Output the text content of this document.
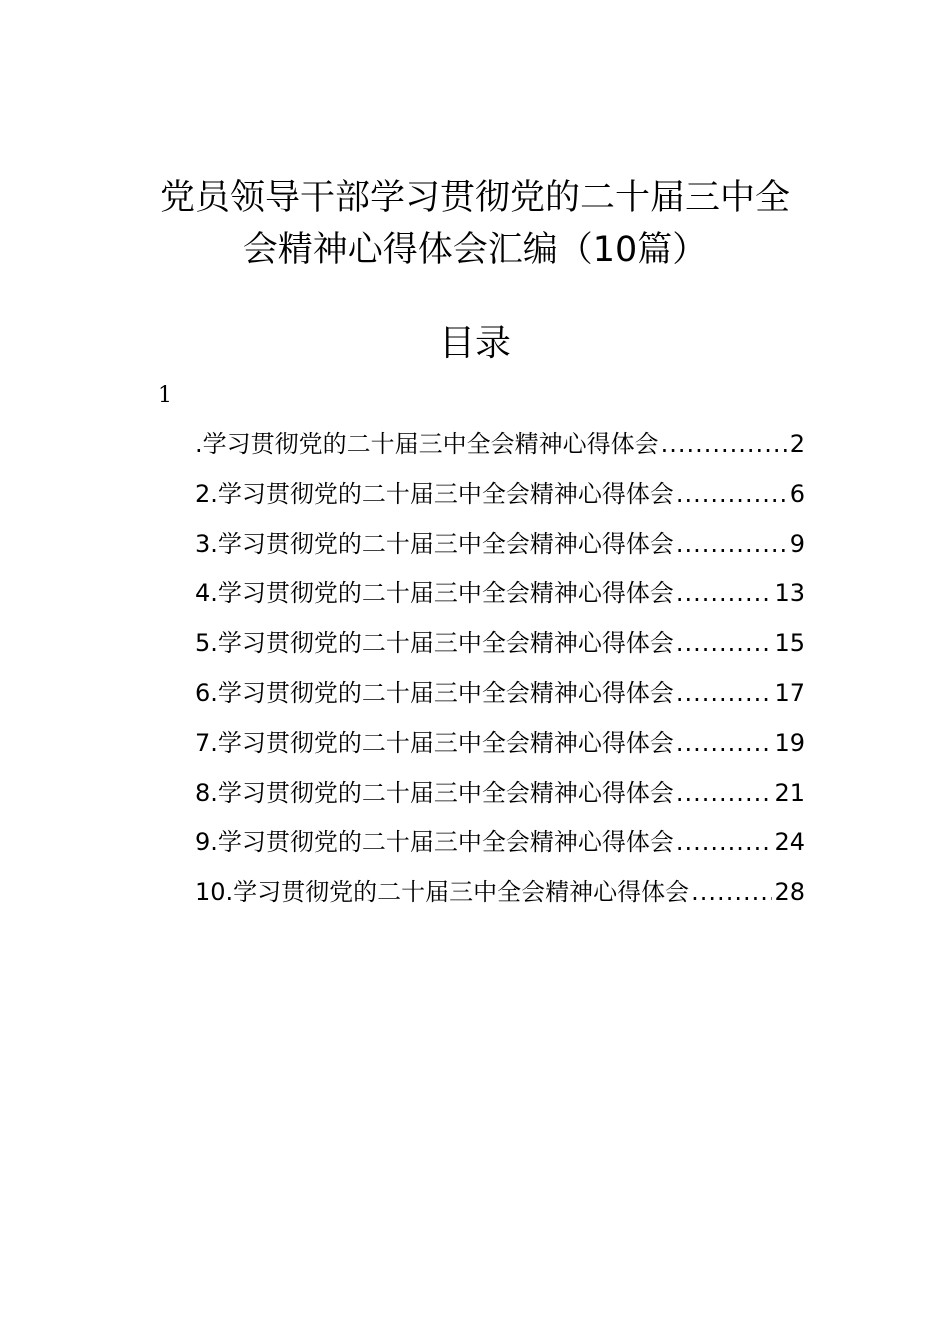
党员领导干部学习贯彻党的二十届三中全
会精神心得体会汇编（10篇）
目录
1
.学习贯彻党的二十届三中全会精神心得体会 .....	2
2.学习贯彻党的二十届三中全会精神心得体会 .....	6
3.学习贯彻党的二十届三中全会精神心得体会 .....	9
4.学习贯彻党的二十届三中全会精神心得体会 .....	13
5.学习贯彻党的二十届三中全会精神心得体会 .....	15
6.学习贯彻党的二十届三中全会精神心得体会 .....	17
7.学习贯彻党的二十届三中全会精神心得体会 .....	19
8.学习贯彻党的二十届三中全会精神心得体会 .....	21
9.学习贯彻党的二十届三中全会精神心得体会 .....	24
10.学习贯彻党的二十届三中全会精神心得体会 .....	28
